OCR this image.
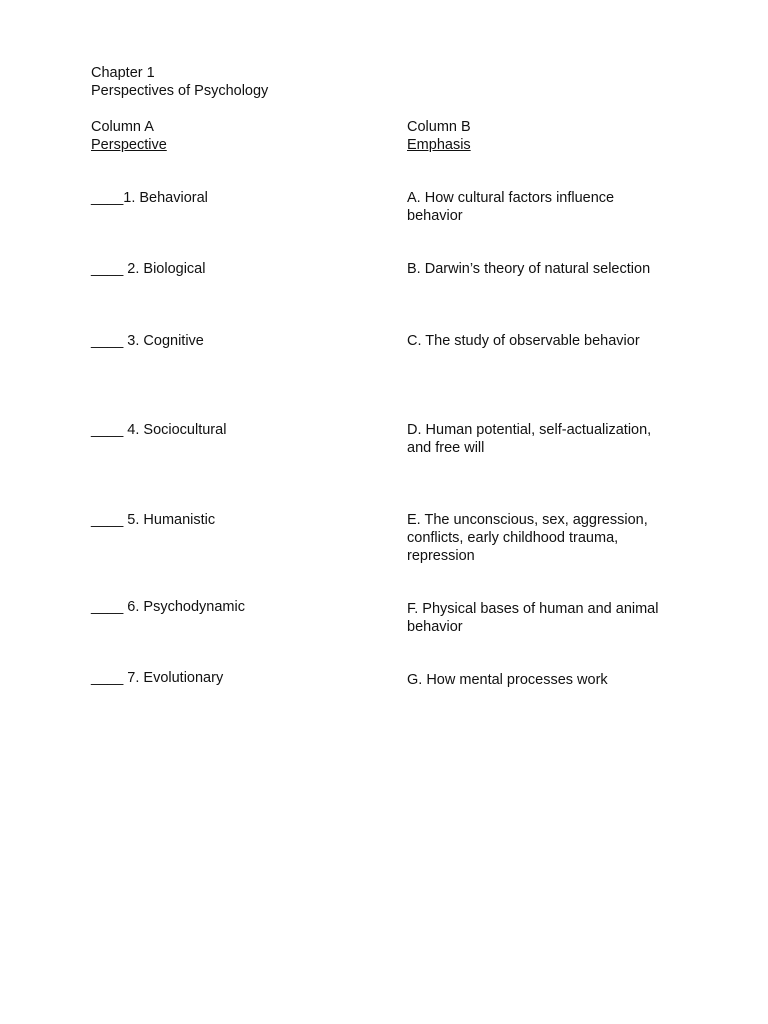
Chapter 1
Perspectives of Psychology
Column A
Perspective
Column B
Emphasis
____1. Behavioral
____ 2. Biological
____ 3. Cognitive
____ 4. Sociocultural
____ 5. Humanistic
____ 6. Psychodynamic
____ 7. Evolutionary
A. How cultural factors influence
behavior
B. Darwin’s theory of natural selection
C. The study of observable behavior
D. Human potential, self-actualization,
and free will
E. The unconscious, sex, aggression,
conflicts, early childhood trauma,
repression
F. Physical bases of human and animal
behavior
G. How mental processes work
